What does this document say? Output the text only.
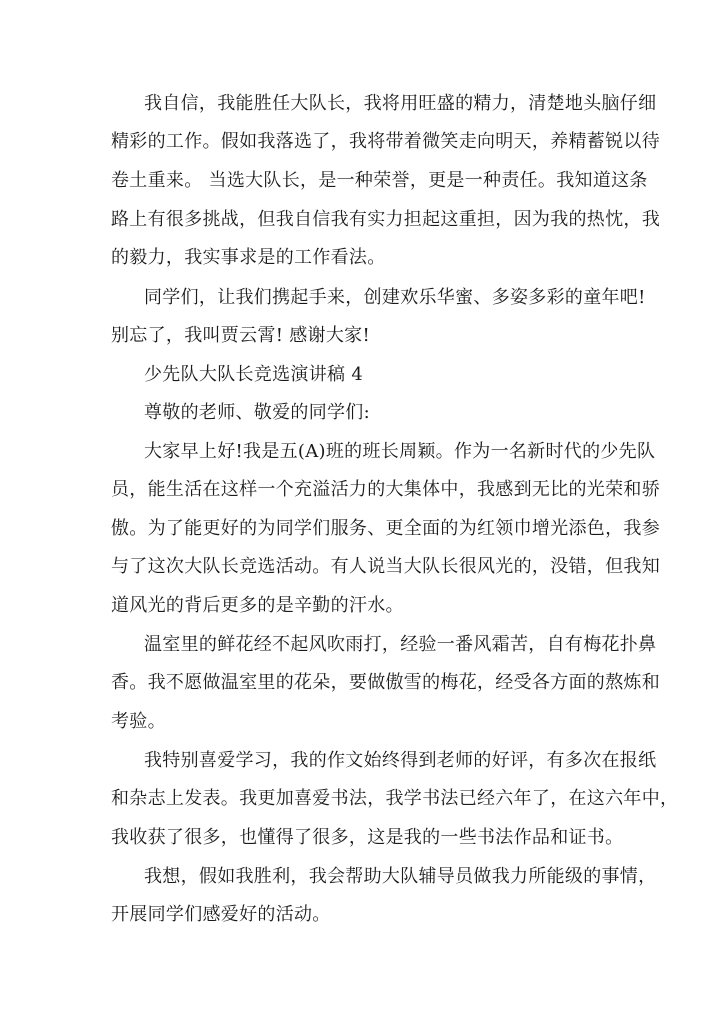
我自信，我能胜任大队长，我将用旺盛的精力，清楚地头脑仔细
精彩的工作。假如我落选了，我将带着微笑走向明天，养精蓄锐以待
卷土重来。 当选大队长，是一种荣誉，更是一种责任。我知道这条
路上有很多挑战，但我自信我有实力担起这重担，因为我的热忱，我
的毅力，我实事求是的工作看法。
同学们，让我们携起手来，创建欢乐华蜜、多姿多彩的童年吧!
别忘了，我叫贾云霄! 感谢大家!
少先队大队长竞选演讲稿 4
尊敬的老师、敬爱的同学们:
大家早上好!我是五(A)班的班长周颖。作为一名新时代的少先队
员，能生活在这样一个充溢活力的大集体中，我感到无比的光荣和骄
傲。为了能更好的为同学们服务、更全面的为红领巾增光添色，我参
与了这次大队长竞选活动。有人说当大队长很风光的，没错，但我知
道风光的背后更多的是辛勤的汗水。
温室里的鲜花经不起风吹雨打，经验一番风霜苦，自有梅花扑鼻
香。我不愿做温室里的花朵，要做傲雪的梅花，经受各方面的熬炼和
考验。
我特别喜爱学习，我的作文始终得到老师的好评，有多次在报纸
和杂志上发表。我更加喜爱书法，我学书法已经六年了，在这六年中，
我收获了很多，也懂得了很多，这是我的一些书法作品和证书。
我想，假如我胜利，我会帮助大队辅导员做我力所能级的事情，
开展同学们感爱好的活动。
